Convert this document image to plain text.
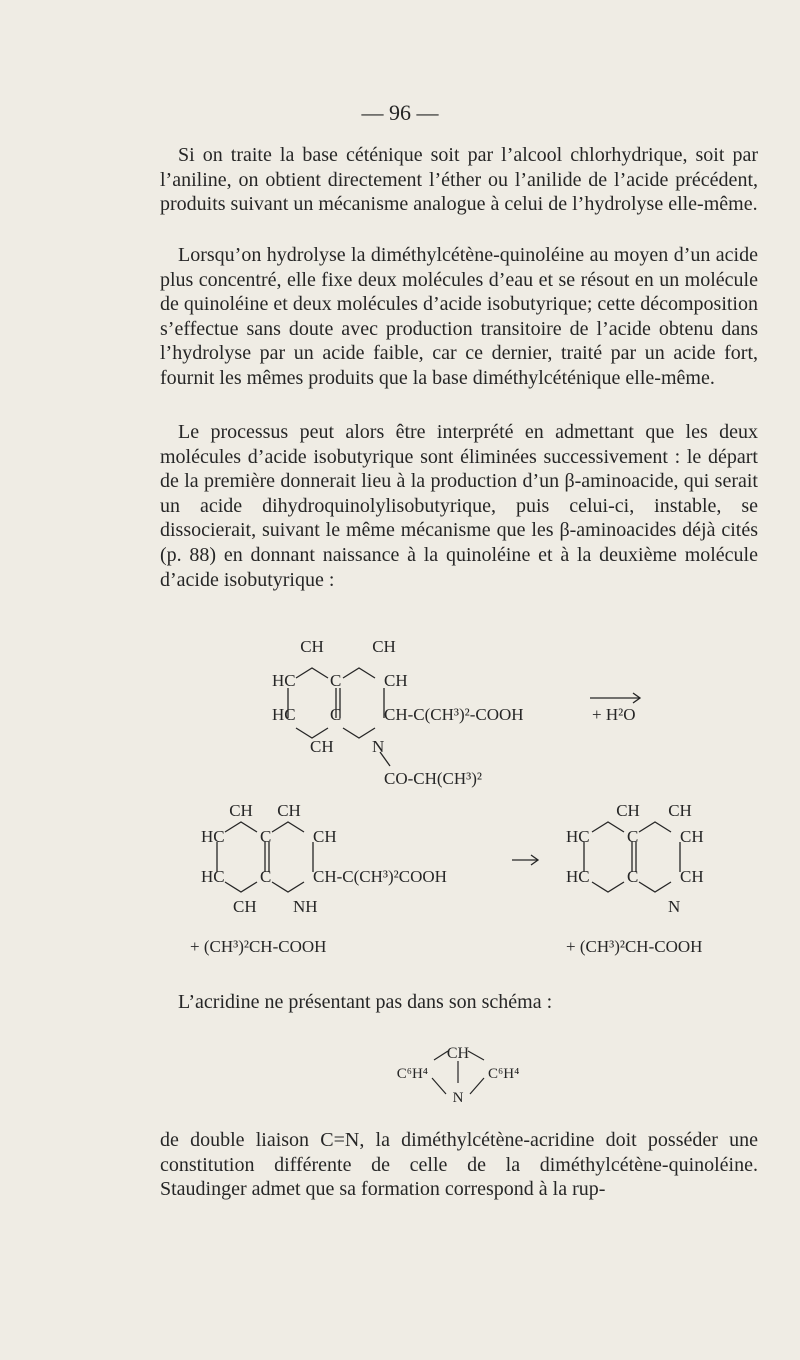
— 96 —

Si on traite la base céténique soit par l’alcool chlorhydrique, soit par l’aniline, on obtient directement l’éther ou l’anilide de l’acide précédent, produits suivant un mécanisme analogue à celui de l’hydrolyse elle-même.

Lorsqu’on hydrolyse la diméthylcétène-quinoléine au moyen d’un acide plus concentré, elle fixe deux molécules d’eau et se résout en un molécule de quinoléine et deux molécules d’acide isobutyrique; cette décomposition s’effectue sans doute avec production transitoire de l’acide obtenu dans l’hydrolyse par un acide faible, car ce dernier, traité par un acide fort, fournit les mêmes produits que la base diméthylcéténique elle-même.

Le processus peut alors être interprété en admettant que les deux molécules d’acide isobutyrique sont éliminées successivement : le départ de la première donnerait lieu à la production d’un β-aminoacide, qui serait un acide dihydroquinolylisobutyrique, puis celui-ci, instable, se dissocierait, suivant le même mécanisme que les β-aminoacides déjà cités (p. 88) en donnant naissance à la quinoléine et à la deuxième molécule d’acide isobutyrique :

CH	CH
HC C	CH
HC C	CH-C(CH³)²-COOH
CH N
CO-CH(CH³)²
+ H²O
CH CH
HC C CH
HC C CH-C(CH³)²COOH
CH NH
+ (CH³)²CH-COOH
CH CH
HC C CH
HC C CH
N
+ (CH³)²CH-COOH

L’acridine ne présentant pas dans son schéma :

CH
C⁶H⁴	C⁶H⁴
N

de double liaison C=N, la diméthylcétène-acridine doit posséder une constitution différente de celle de la diméthylcétène-quinoléine. Staudinger admet que sa formation correspond à la rup-
